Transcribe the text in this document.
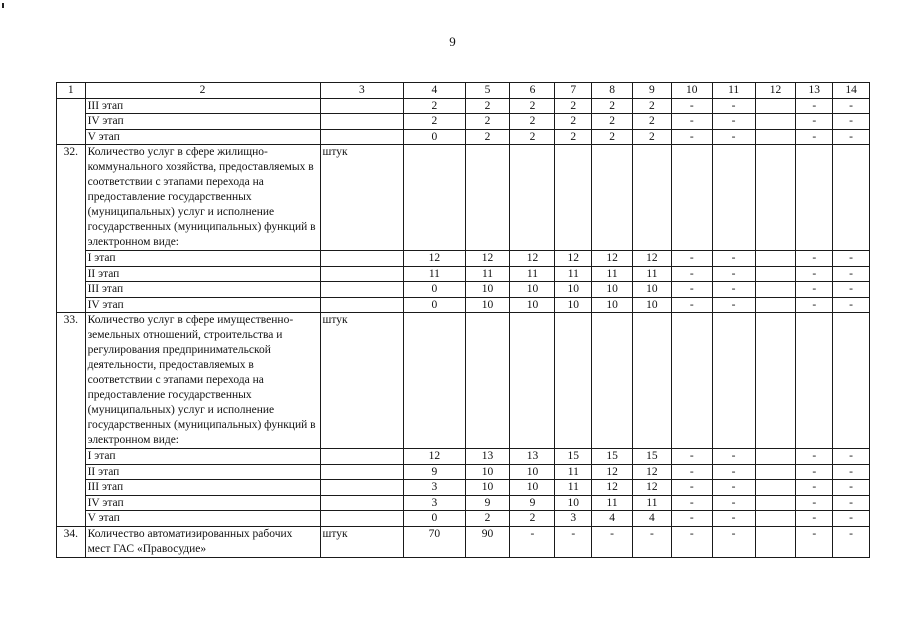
9
1	2	3	4	5	6	7	8	9	10	11	12	13	14
	III этап		2	2	2	2	2	2	-	-		-	-
	IV этап		2	2	2	2	2	2	-	-		-	-
	V этап		0	2	2	2	2	2	-	-		-	-
32.	Количество услуг в сфере жилищно-коммунального хозяйства, предоставляемых в соответствии с этапами перехода на предоставление государственных (муниципальных) услуг и исполнение государственных (муниципальных) функций в электронном виде:	штук											
	I этап		12	12	12	12	12	12	-	-		-	-
	II этап		11	11	11	11	11	11	-	-		-	-
	III этап		0	10	10	10	10	10	-	-		-	-
	IV этап		0	10	10	10	10	10	-	-		-	-
33.	Количество услуг в сфере имущественно-земельных отношений, строительства и регулирования предпринимательской деятельности, предоставляемых в соответствии с этапами перехода на предоставление государственных (муниципальных) услуг и исполнение государственных (муниципальных) функций в электронном виде:	штук											
	I этап		12	13	13	15	15	15	-	-		-	-
	II этап		9	10	10	11	12	12	-	-		-	-
	III этап		3	10	10	11	12	12	-	-		-	-
	IV этап		3	9	9	10	11	11	-	-		-	-
	V этап		0	2	2	3	4	4	-	-		-	-
34.	Количество автоматизированных рабочих мест ГАС «Правосудие»	штук	70	90	-	-	-	-	-	-		-	-
